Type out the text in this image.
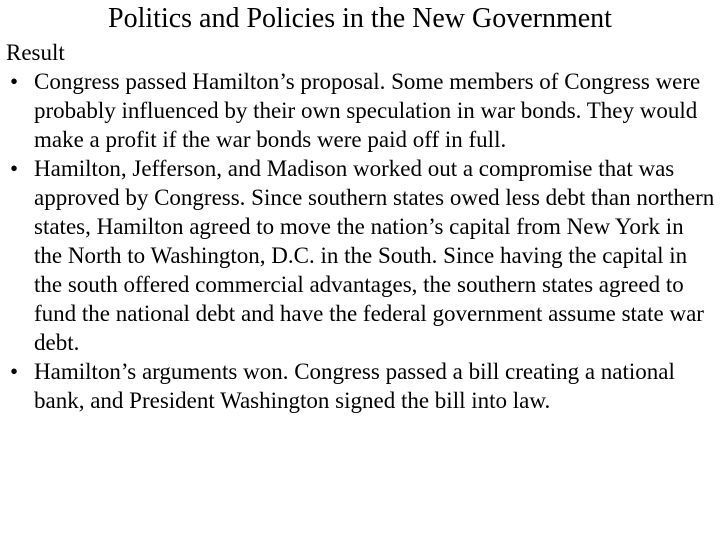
Politics and Policies in the New Government
Result
• Congress passed Hamilton’s proposal. Some members of Congress were probably influenced by their own speculation in war bonds. They would make a profit if the war bonds were paid off in full.
• Hamilton, Jefferson, and Madison worked out a compromise that was approved by Congress. Since southern states owed less debt than northern states, Hamilton agreed to move the nation’s capital from New York in the North to Washington, D.C. in the South. Since having the capital in the south offered commercial advantages, the southern states agreed to fund the national debt and have the federal government assume state war debt.
• Hamilton’s arguments won. Congress passed a bill creating a national bank, and President Washington signed the bill into law.
